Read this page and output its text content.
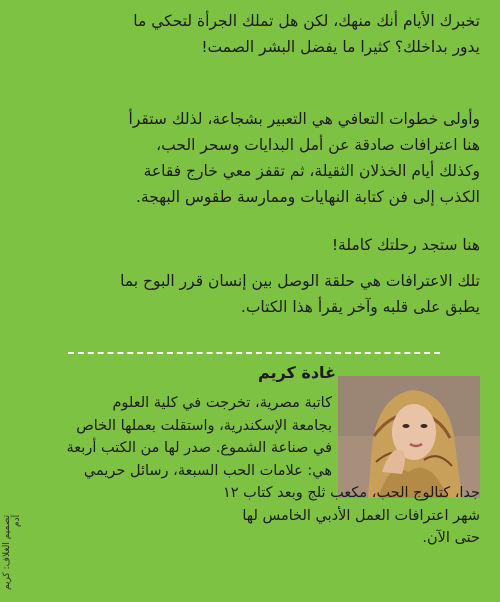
تخبرك الأيام أنك منهك، لكن هل تملك الجرأة لتحكي ما
يدور بداخلك؟ كثيرا ما يفضل البشر الصمت!

وأولى خطوات التعافي هي التعبير بشجاعة، لذلك ستقرأ
هنا اعترافات صادقة عن أمل البدايات وسحر الحب،
وكذلك أيام الخذلان الثقيلة، ثم تقفز معي خارج فقاعة
الكذب إلى فن كتابة النهايات وممارسة طقوس البهجة.

هنا ستجد رحلتك كاملة!

تلك الاعترافات هي حلقة الوصل بين إنسان قرر البوح بما
يطبق على قلبه وآخر يقرأ هذا الكتاب.

غادة كريم

كاتبة مصرية، تخرجت في كلية العلوم
بجامعة الإسكندرية، واستقلت بعملها الخاص
في صناعة الشموع. صدر لها من الكتب أربعة
هي: علامات الحب السبعة، رسائل حريمي
جدا، كتالوج الحب، مكعب ثلج وبعد كتاب ١٢
شهر اعترافات العمل الأدبي الخامس لها
حتى الآن.

تصميم الغلاف: كريم آدم
